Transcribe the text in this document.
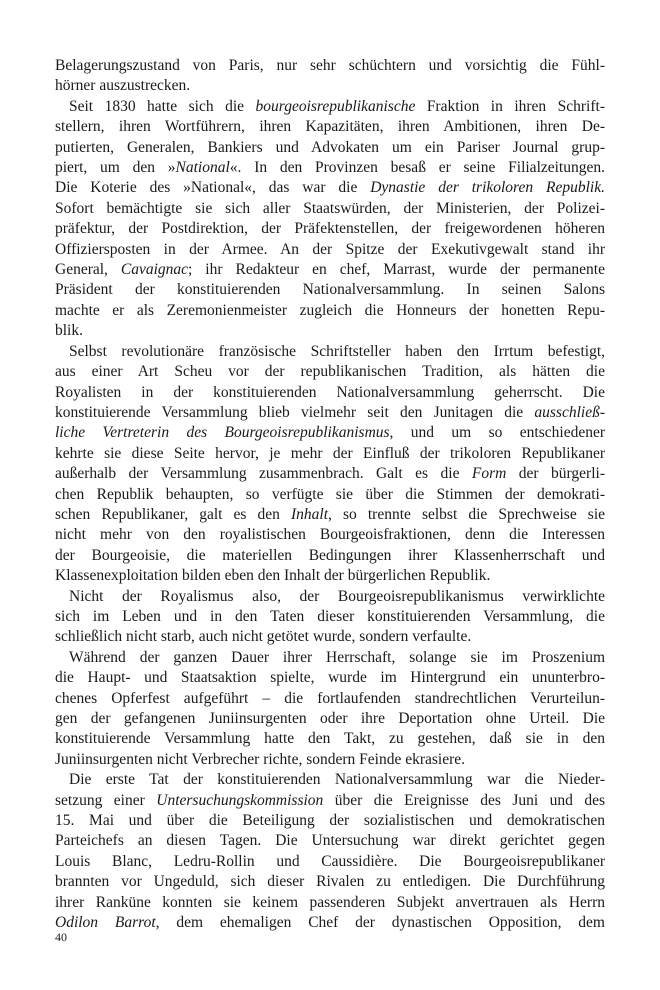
Belagerungszustand von Paris, nur sehr schüchtern und vorsichtig die Fühl-
hörner auszustrecken.
Seit 1830 hatte sich die bourgeoisrepublikanische Fraktion in ihren Schrift-
stellern, ihren Wortführern, ihren Kapazitäten, ihren Ambitionen, ihren De-
putierten, Generalen, Bankiers und Advokaten um ein Pariser Journal grup-
piert, um den »National«. In den Provinzen besaß er seine Filialzeitungen.
Die Koterie des »National«, das war die Dynastie der trikoloren Republik.
Sofort bemächtigte sie sich aller Staatswürden, der Ministerien, der Polizei-
präfektur, der Postdirektion, der Präfektenstellen, der freigewordenen höheren
Offiziersposten in der Armee. An der Spitze der Exekutivgewalt stand ihr
General, Cavaignac; ihr Redakteur en chef, Marrast, wurde der permanente
Präsident der konstituierenden Nationalversammlung. In seinen Salons
machte er als Zeremonienmeister zugleich die Honneurs der honetten Repu-
blik.
Selbst revolutionäre französische Schriftsteller haben den Irrtum befestigt,
aus einer Art Scheu vor der republikanischen Tradition, als hätten die
Royalisten in der konstituierenden Nationalversammlung geherrscht. Die
konstituierende Versammlung blieb vielmehr seit den Junitagen die ausschließ-
liche Vertreterin des Bourgeoisrepublikanismus, und um so entschiedener
kehrte sie diese Seite hervor, je mehr der Einfluß der trikoloren Republikaner
außerhalb der Versammlung zusammenbrach. Galt es die Form der bürgerli-
chen Republik behaupten, so verfügte sie über die Stimmen der demokrati-
schen Republikaner, galt es den Inhalt, so trennte selbst die Sprechweise sie
nicht mehr von den royalistischen Bourgeoisfraktionen, denn die Interessen
der Bourgeoisie, die materiellen Bedingungen ihrer Klassenherrschaft und
Klassenexploitation bilden eben den Inhalt der bürgerlichen Republik.
Nicht der Royalismus also, der Bourgeoisrepublikanismus verwirklichte
sich im Leben und in den Taten dieser konstituierenden Versammlung, die
schließlich nicht starb, auch nicht getötet wurde, sondern verfaulte.
Während der ganzen Dauer ihrer Herrschaft, solange sie im Proszenium
die Haupt- und Staatsaktion spielte, wurde im Hintergrund ein ununterbro-
chenes Opferfest aufgeführt – die fortlaufenden standrechtlichen Verurteilun-
gen der gefangenen Juniinsurgenten oder ihre Deportation ohne Urteil. Die
konstituierende Versammlung hatte den Takt, zu gestehen, daß sie in den
Juniinsurgenten nicht Verbrecher richte, sondern Feinde ekrasiere.
Die erste Tat der konstituierenden Nationalversammlung war die Nieder-
setzung einer Untersuchungskommission über die Ereignisse des Juni und des
15. Mai und über die Beteiligung der sozialistischen und demokratischen
Parteichefs an diesen Tagen. Die Untersuchung war direkt gerichtet gegen
Louis Blanc, Ledru-Rollin und Caussidière. Die Bourgeoisrepublikaner
brannten vor Ungeduld, sich dieser Rivalen zu entledigen. Die Durchführung
ihrer Ranküne konnten sie keinem passenderen Subjekt anvertrauen als Herrn
Odilon Barrot, dem ehemaligen Chef der dynastischen Opposition, dem
40
